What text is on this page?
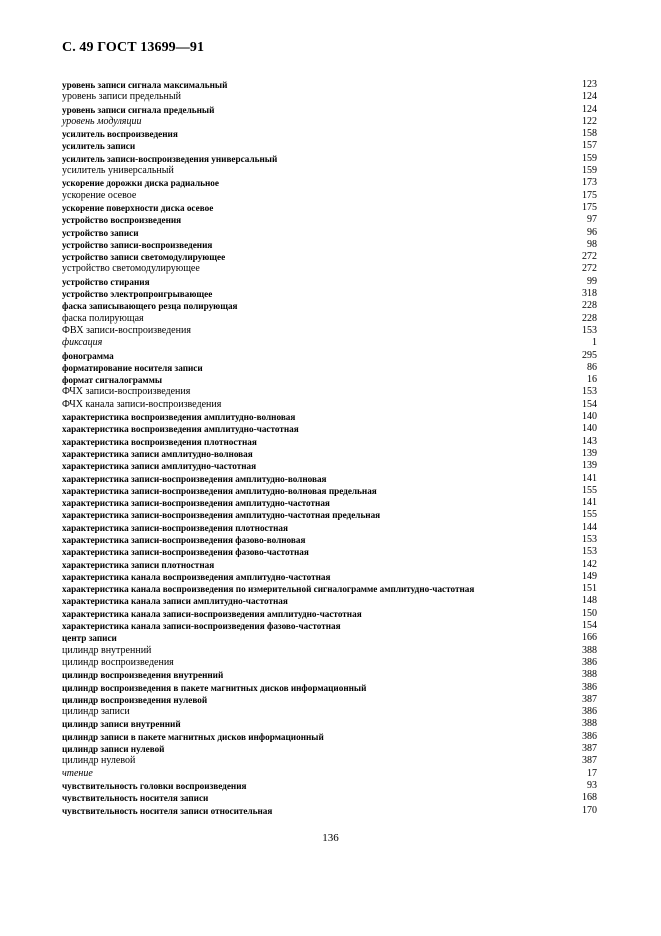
С. 49 ГОСТ 13699—91
уровень записи сигнала максимальный	123
уровень записи предельный	124
уровень записи сигнала предельный	124
уровень модуляции	122
усилитель воспроизведения	158
усилитель записи	157
усилитель записи-воспроизведения универсальный	159
усилитель универсальный	159
ускорение дорожки диска радиальное	173
ускорение осевое	175
ускорение поверхности диска осевое	175
устройство воспроизведения	97
устройство записи	96
устройство записи-воспроизведения	98
устройство записи светомодулирующее	272
устройство светомодулирующее	272
устройство стирания	99
устройство электропроигрывающее	318
фаска записывающего резца полирующая	228
фаска полирующая	228
ФВХ записи-воспроизведения	153
фиксация	1
фонограмма	295
форматирование носителя записи	86
формат сигналограммы	16
ФЧХ записи-воспроизведения	153
ФЧХ канала записи-воспроизведения	154
характеристика воспроизведения амплитудно-волновая	140
характеристика воспроизведения амплитудно-частотная	140
характеристика воспроизведения плотностная	143
характеристика записи амплитудно-волновая	139
характеристика записи амплитудно-частотная	139
характеристика записи-воспроизведения амплитудно-волновая	141
характеристика записи-воспроизведения амплитудно-волновая предельная	155
характеристика записи-воспроизведения амплитудно-частотная	141
характеристика записи-воспроизведения амплитудно-частотная предельная	155
характеристика записи-воспроизведения плотностная	144
характеристика записи-воспроизведения фазово-волновая	153
характеристика записи-воспроизведения фазово-частотная	153
характеристика записи плотностная	142
характеристика канала воспроизведения амплитудно-частотная	149
характеристика канала воспроизведения по измерительной сигналограмме амплитудно-частотная	151
характеристика канала записи амплитудно-частотная	148
характеристика канала записи-воспроизведения амплитудно-частотная	150
характеристика канала записи-воспроизведения фазово-частотная	154
центр записи	166
цилиндр внутренний	388
цилиндр воспроизведения	386
цилиндр воспроизведения внутренний	388
цилиндр воспроизведения в пакете магнитных дисков информационный	386
цилиндр воспроизведения нулевой	387
цилиндр записи	386
цилиндр записи внутренний	388
цилиндр записи в пакете магнитных дисков информационный	386
цилиндр записи нулевой	387
цилиндр нулевой	387
чтение	17
чувствительность головки воспроизведения	93
чувствительность носителя записи	168
чувствительность носителя записи относительная	170
136
